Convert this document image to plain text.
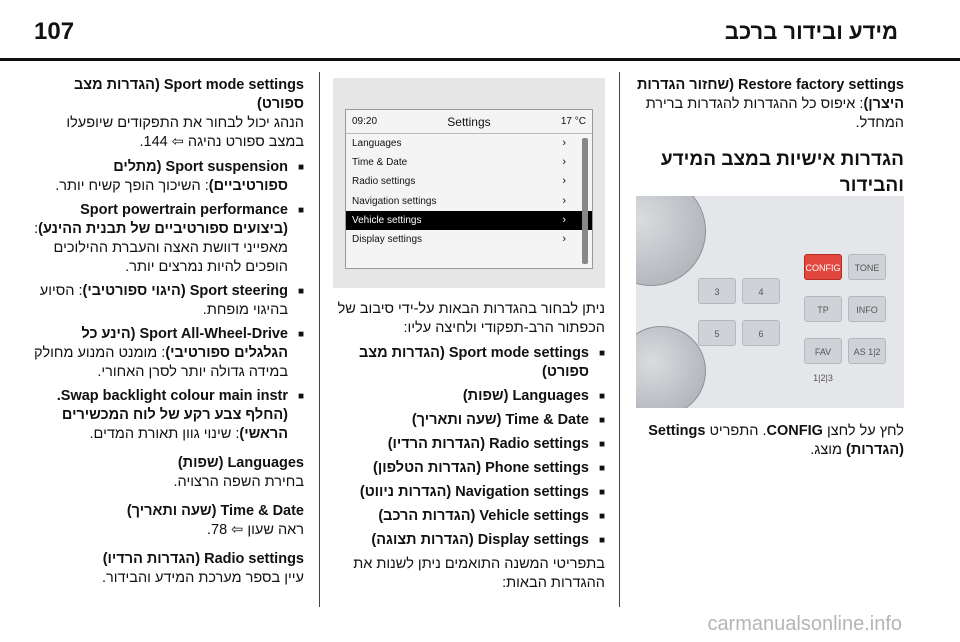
107	מידע ובידור ברכב
Restore factory settings (שחזור הגדרות היצרן): איפוס כל ההגדרות להגדרות ברירת המחדל.
הגדרות אישיות במצב המידע והבידור
CONFIG	TONE
3	4
TP	INFO
5	6
FAV 1|2|3
AS 1|2
לחץ על לחצן CONFIG. התפריט Settings (הגדרות) מוצג.
09:20	Settings	17 °C
Languages	›
Time & Date	›
Radio settings	›
Navigation settings	›
Vehicle settings	›
Display settings	›
ניתן לבחור בהגדרות הבאות על-ידי סיבוב של הכפתור הרב-תפקודי ולחיצה עליו:
■ Sport mode settings (הגדרות מצב ספורט)
■ Languages (שפות)
■ Time & Date (שעה ותאריך)
■ Radio settings (הגדרות הרדיו)
■ Phone settings (הגדרות הטלפון)
■ Navigation settings (הגדרות ניווט)
■ Vehicle settings (הגדרות הרכב)
■ Display settings (הגדרות תצוגה)
בתפריטי המשנה התואמים ניתן לשנות את ההגדרות הבאות:
Sport mode settings (הגדרות מצב ספורט)
הנהג יכול לבחור את התפקודים שיופעלו
במצב ספורט נהיגה ⇦ 144.
■ Sport suspension (מתלים ספורטיביים): השיכוך הופך קשיח יותר.
■ Sport powertrain performance (ביצועים ספורטיביים של תבנית ההינע): מאפייני דוושת האצה והעברת ההילוכים הופכים להיות נמרצים יותר.
■ Sport steering (היגוי ספורטיבי): הסיוע בהיגוי מופחת.
■ Sport All-Wheel-Drive (הינע כל הגלגלים ספורטיבי): מומנט המנוע מחולק במידה גדולה יותר לסרן האחורי.
■ Swap backlight colour main instr. (החלף צבע רקע של לוח המכשירים הראשי): שינוי גוון תאורת המדים.
Languages (שפות)
בחירת השפה הרצויה.
Time & Date (שעה ותאריך)
ראה שעון ⇦ 78.
Radio settings (הגדרות הרדיו)
עיין בספר מערכת המידע והבידור.
carmanualsonline.info
